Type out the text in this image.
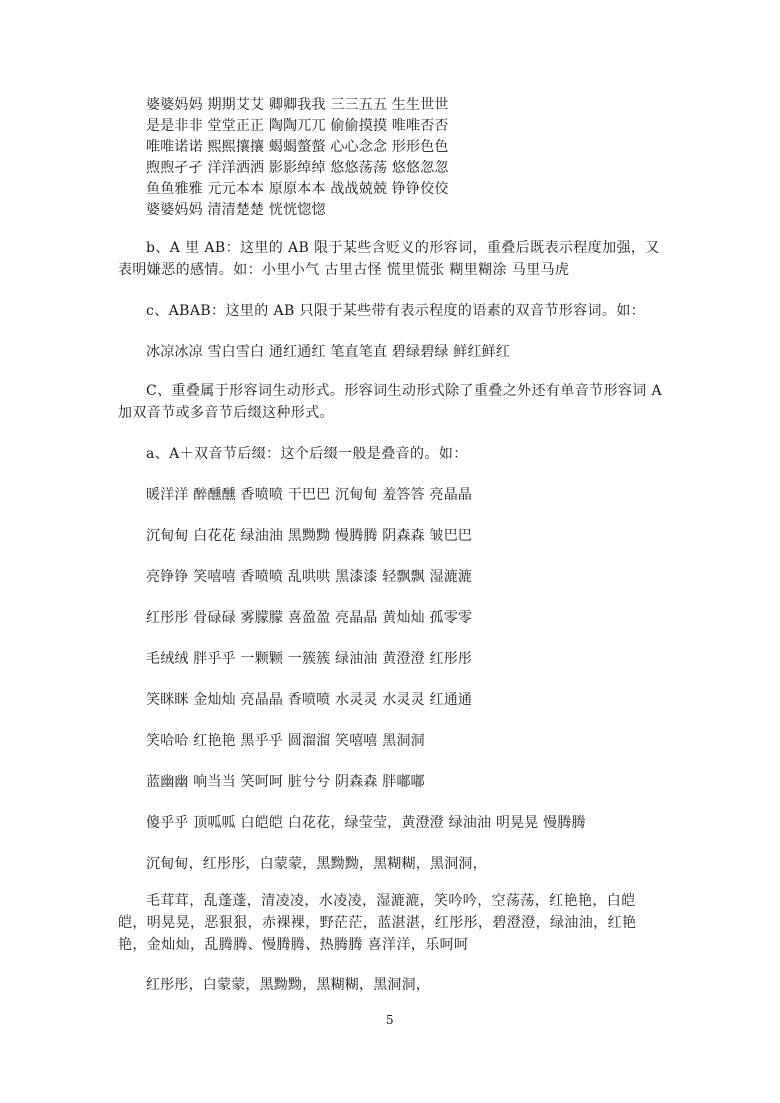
婆婆妈妈 期期艾艾 卿卿我我 三三五五 生生世世
是是非非 堂堂正正 陶陶兀兀 偷偷摸摸 唯唯否否
唯唯诺诺 熙熙攘攘 蝎蝎螫螫 心心念念 形形色色
煦煦孑孑 洋洋洒洒 影影绰绰 悠悠荡荡 悠悠忽忽
鱼鱼雅雅 元元本本 原原本本 战战兢兢 铮铮佼佼
婆婆妈妈 清清楚楚 恍恍惚惚
b、A 里 AB：这里的 AB 限于某些含贬义的形容词，重叠后既表示程度加强，又表明嫌恶的感情。如：小里小气 古里古怪 慌里慌张 糊里糊涂 马里马虎
c、ABAB：这里的 AB 只限于某些带有表示程度的语素的双音节形容词。如：
冰凉冰凉 雪白雪白 通红通红 笔直笔直 碧绿碧绿 鲜红鲜红
C、重叠属于形容词生动形式。形容词生动形式除了重叠之外还有单音节形容词 A 加双音节或多音节后缀这种形式。
a、A＋双音节后缀：这个后缀一般是叠音的。如：
暖洋洋 醉醺醺 香喷喷 干巴巴 沉甸甸 羞答答 亮晶晶
沉甸甸 白花花 绿油油 黑黝黝 慢腾腾 阴森森 皱巴巴
亮铮铮 笑嘻嘻 香喷喷 乱哄哄 黑漆漆 轻飘飘 湿漉漉
红彤彤 骨碌碌 雾朦朦 喜盈盈 亮晶晶 黄灿灿 孤零零
毛绒绒 胖乎乎 一颗颗 一簇簇 绿油油 黄澄澄 红彤彤
笑眯眯 金灿灿 亮晶晶 香喷喷 水灵灵 水灵灵 红通通
笑哈哈 红艳艳 黑乎乎 圆溜溜 笑嘻嘻 黑洞洞
蓝幽幽 响当当 笑呵呵 脏兮兮 阴森森 胖嘟嘟
傻乎乎 顶呱呱 白皑皑 白花花，绿莹莹，黄澄澄 绿油油 明晃晃 慢腾腾
沉甸甸，红彤彤，白蒙蒙，黑黝黝，黑糊糊，黑洞洞，
毛茸茸，乱蓬蓬，清凌凌，水凌凌，湿漉漉，笑吟吟，空荡荡，红艳艳，白皑皑，明晃晃，恶狠狠，赤裸裸，野茫茫，蓝湛湛，红彤彤，碧澄澄，绿油油，红艳艳，金灿灿，乱腾腾、慢腾腾、热腾腾 喜洋洋，乐呵呵
红彤彤，白蒙蒙，黑黝黝，黑糊糊，黑洞洞，
5
